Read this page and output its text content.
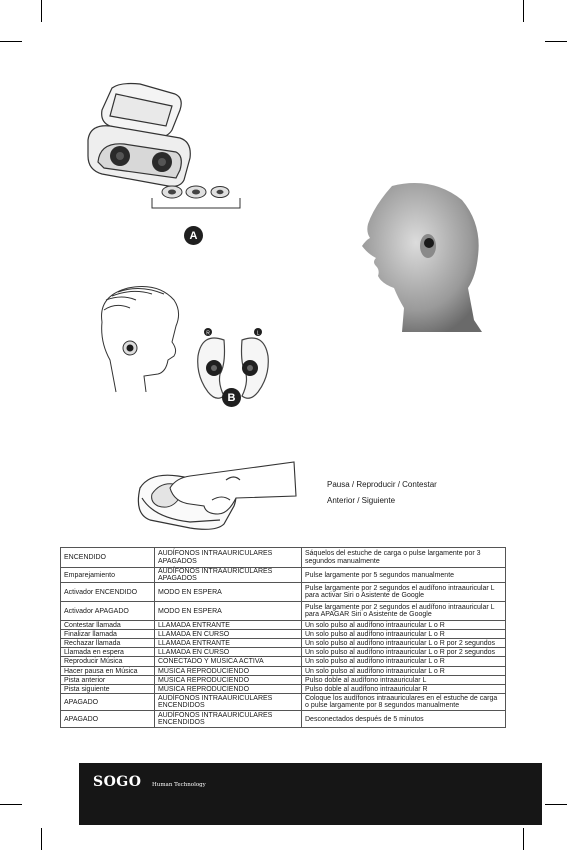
A
R	L
B
Pausa / Reproducir / Contestar
Anterior / Siguiente
ENCENDIDO	AUDÍFONOS INTRAAURICULARES APAGADOS	Sáquelos del estuche de carga o pulse largamente por 3 segundos manualmente
Emparejamiento	AUDÍFONOS INTRAAURICULARES APAGADOS	Pulse largamente por 5 segundos manualmente
Activador ENCENDIDO	MODO EN ESPERA	Pulse largamente por 2 segundos el audífono intraauricular L para activar Siri o Asistente de Google
Activador APAGADO	MODO EN ESPERA	Pulse largamente por 2 segundos el audífono intraauricular L para APAGAR Siri o Asistente de Google
Contestar llamada	LLAMADA ENTRANTE	Un solo pulso al audífono intraauricular L o R
Finalizar llamada	LLAMADA EN CURSO	Un solo pulso al audífono intraauricular L o R
Rechazar llamada	LLAMADA ENTRANTE	Un solo pulso al audífono intraauricular L o R por 2 segundos
Llamada en espera	LLAMADA EN CURSO	Un solo pulso al audífono intraauricular L o R por 2 segundos
Reproducir Música	CONECTADO Y MÚSICA ACTIVA	Un solo pulso al audífono intraauricular L o R
Hacer pausa en Música	MÚSICA REPRODUCIENDO	Un solo pulso al audífono intraauricular L o R
Pista anterior	MÚSICA REPRODUCIENDO	Pulso doble al audífono intraauricular L
Pista siguiente	MÚSICA REPRODUCIENDO	Pulso doble al audífono intraauricular R
APAGADO	AUDÍFONOS INTRAAURICULARES ENCENDIDOS	Coloque los audífonos intraauriculares en el estuche de carga o pulse largamente por 8 segundos manualmente
APAGADO	AUDÍFONOS INTRAAURICULARES ENCENDIDOS	Desconectados después de 5 minutos
SOGO Human Technology
